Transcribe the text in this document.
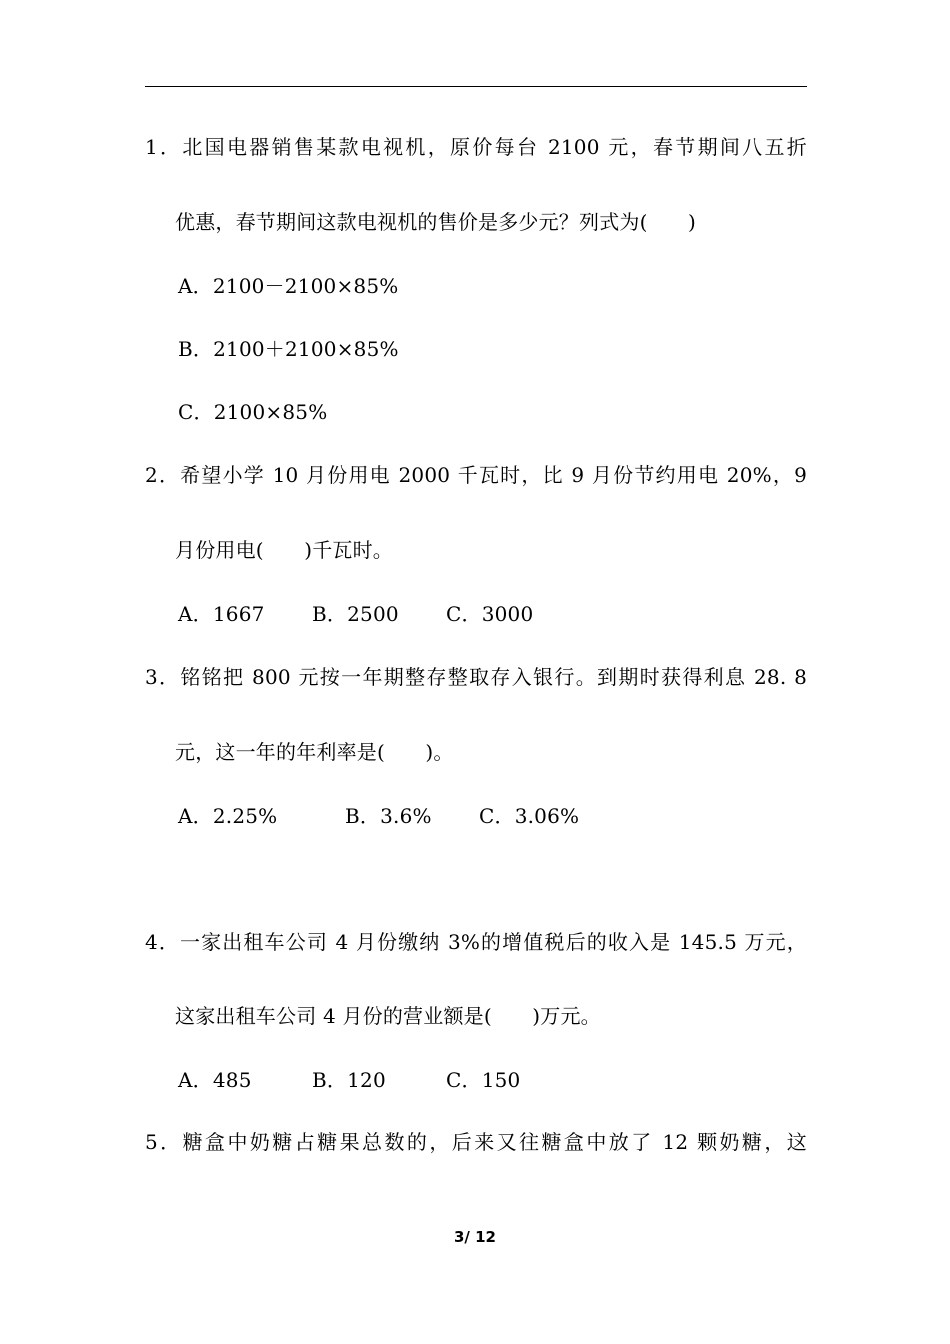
1．北国电器销售某款电视机，原价每台 2100 元，春节期间八五折
优惠，春节期间这款电视机的售价是多少元？列式为(　　)
A．2100－2100×85%
B．2100＋2100×85%
C．2100×85%
2．希望小学 10 月份用电 2000 千瓦时，比 9 月份节约用电 20%，9
月份用电(　　)千瓦时。
A．1667 B．2500 C．3000
3．铭铭把 800 元按一年期整存整取存入银行。到期时获得利息 28. 8
元，这一年的年利率是(　　)。
A．2.25%	B．3.6% C．3.06%
4．一家出租车公司 4 月份缴纳 3%的增值税后的收入是 145.5 万元，
这家出租车公司 4 月份的营业额是(　　)万元。
A．485	B．120	C．150
5．糖盒中奶糖占糖果总数的，后来又往糖盒中放了 12 颗奶糖，这
3/ 12
